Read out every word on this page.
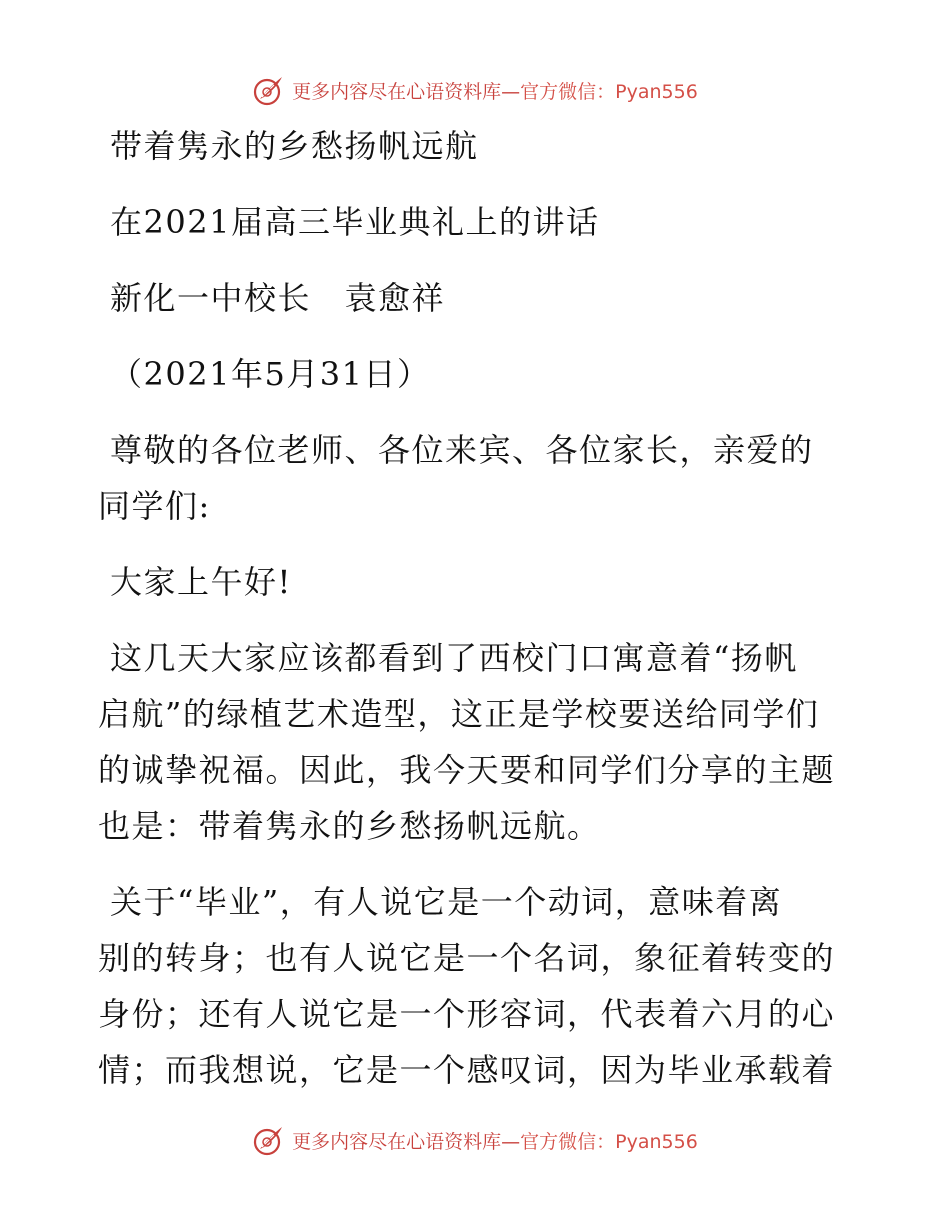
更多内容尽在心语资料库—官方微信：Pyan556
带着隽永的乡愁扬帆远航
在2021届高三毕业典礼上的讲话
新化一中校长　袁愈祥
（2021年5月31日）
尊敬的各位老师、各位来宾、各位家长，亲爱的
同学们:
大家上午好!
这几天大家应该都看到了西校门口寓意着“扬帆
启航”的绿植艺术造型，这正是学校要送给同学们
的诚挚祝福。因此，我今天要和同学们分享的主题
也是：带着隽永的乡愁扬帆远航。
关于“毕业”，有人说它是一个动词，意味着离
别的转身；也有人说它是一个名词，象征着转变的
身份；还有人说它是一个形容词，代表着六月的心
情；而我想说，它是一个感叹词，因为毕业承载着
更多内容尽在心语资料库—官方微信：Pyan556
